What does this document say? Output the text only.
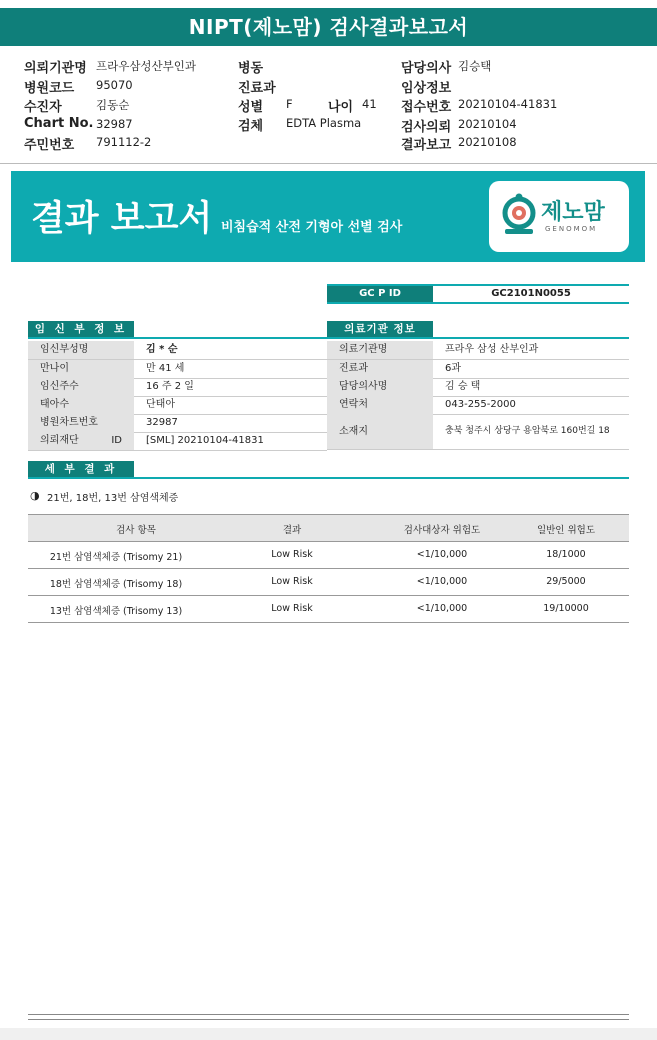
NIPT(제노맘) 검사결과보고서
의뢰기관명 프라우삼성산부인과
병원코드 95070
수진자	김동순
Chart No. 32987
주민번호 791112-2
병동
진료과
성별 F	나이 41
검체 EDTA Plasma
담당의사 김승택
임상정보
접수번호 20210104-41831
검사의뢰 20210104
결과보고 20210108
결과 보고서 비침습적 산전 기형아 선별 검사
제노맘
GENOMOM
GC P ID	GC2101N0055
임 신 부 정 보
임신부성명	김 * 순
만나이	만 41 세
임신주수	16 주 2 일
태아수	단태아
병원차트번호	32987
의뢰재단 ID	[SML] 20210104-41831
의료기관 정보
의료기관명	프라우 삼성 산부인과
진료과	6과
담당의사명	김 승 택
연락처	043-255-2000
소재지	충북 청주시 상당구 용암북로 160번길 18
세 부 결 과
◑ 21번, 18번, 13번 삼염색체증
검사 항목	결과	검사대상자 위험도	일반인 위험도
21번 삼염색체증 (Trisomy 21)	Low Risk	<1/10,000	18/1000
18번 삼염색체증 (Trisomy 18)	Low Risk	<1/10,000	29/5000
13번 삼염색체증 (Trisomy 13)	Low Risk	<1/10,000	19/10000
